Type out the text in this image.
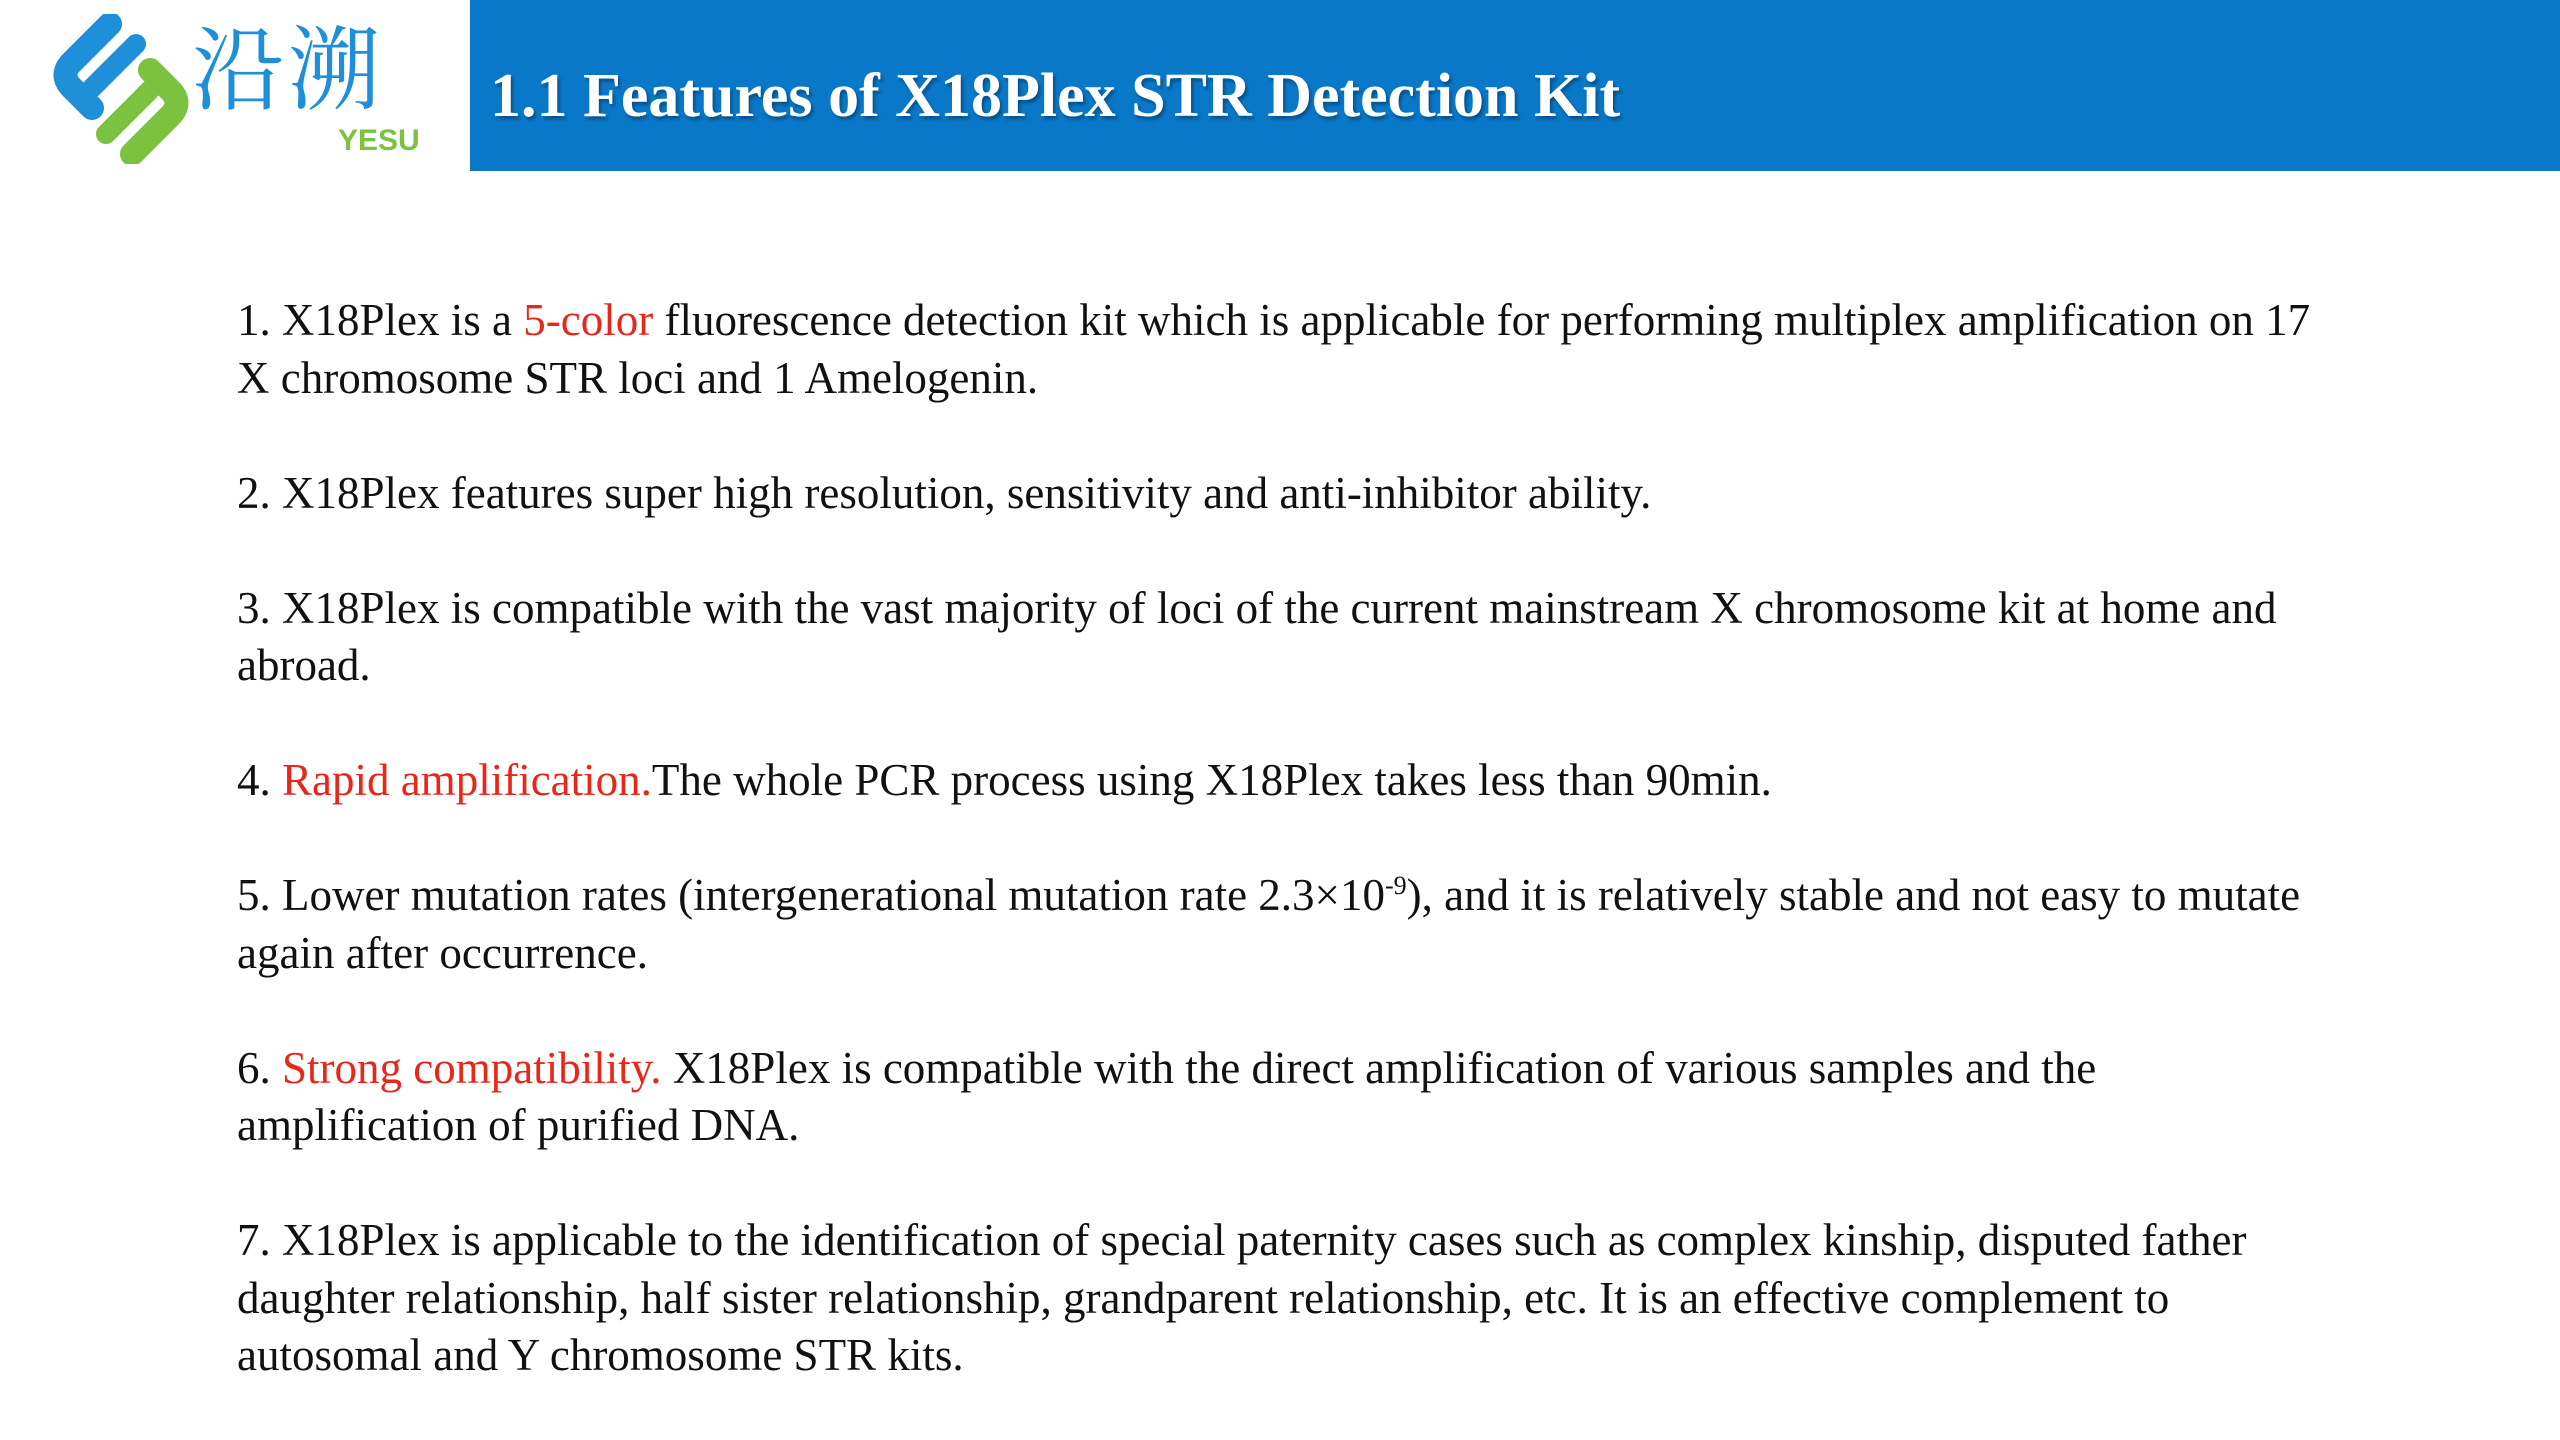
沿溯
YESU
1.1 Features of X18Plex STR Detection Kit
1. X18Plex is a 5-color fluorescence detection kit which is applicable for performing multiplex amplification on 17 X chromosome STR loci and 1 Amelogenin.
2. X18Plex features super high resolution, sensitivity and anti-inhibitor ability.
3. X18Plex is compatible with the vast majority of loci of the current mainstream X chromosome kit at home and abroad.
4. Rapid amplification.The whole PCR process using X18Plex takes less than 90min.
5. Lower mutation rates (intergenerational mutation rate $2.3\times 10^{-9}$), and it is relatively stable and not easy to mutate again after occurrence.
6. Strong compatibility. X18Plex is compatible with the direct amplification of various samples and the amplification of purified DNA.
7. X18Plex is applicable to the identification of special paternity cases such as complex kinship, disputed father daughter relationship, half sister relationship, grandparent relationship, etc. It is an effective complement to autosomal and Y chromosome STR kits.
